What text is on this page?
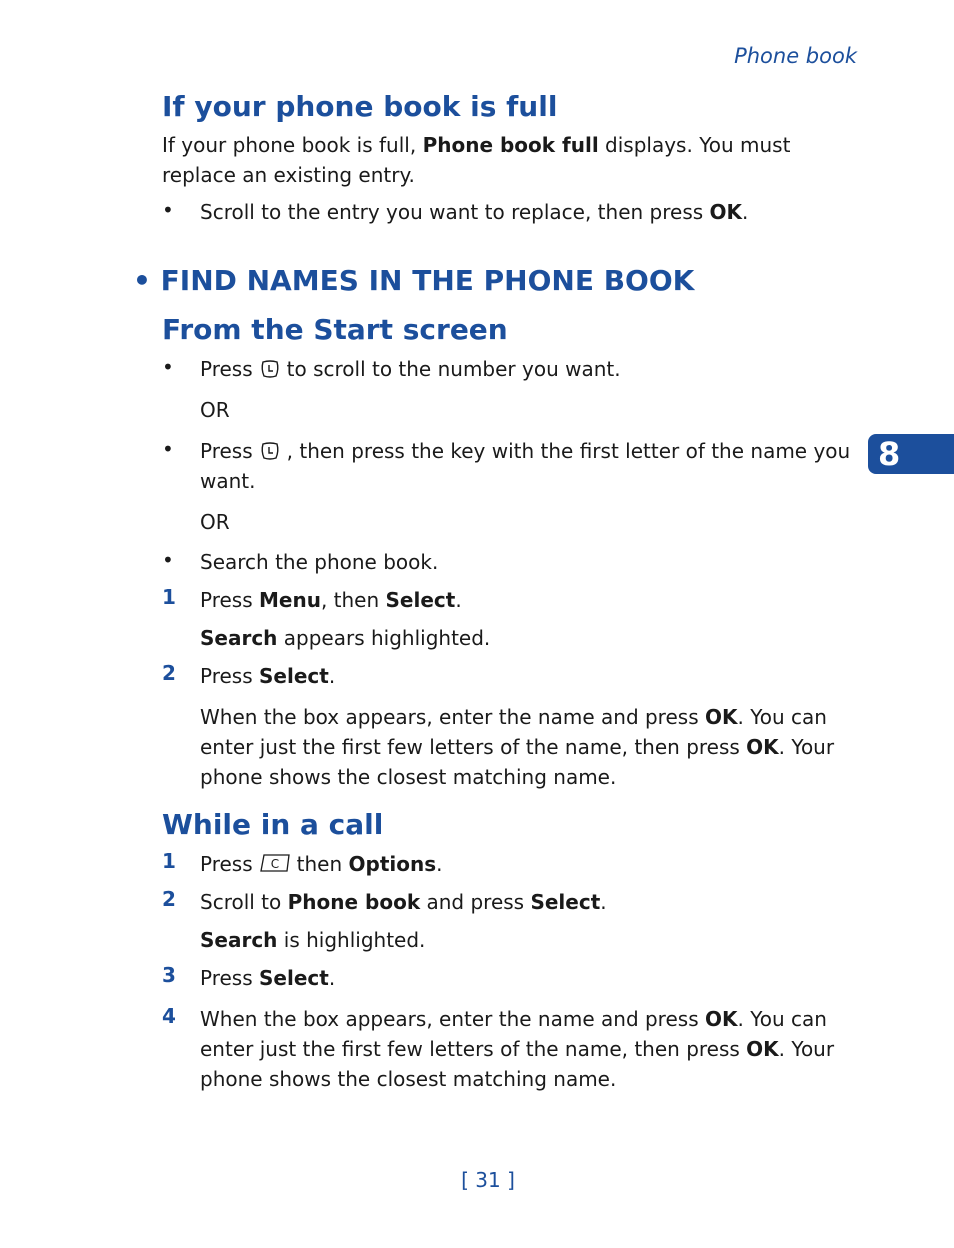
Phone book
If your phone book is full
If your phone book is full, Phone book full displays. You must replace an existing entry.
• Scroll to the entry you want to replace, then press OK.
• FIND NAMES IN THE PHONE BOOK
From the Start screen
• Press to scroll to the number you want.
OR
• Press , then press the key with the first letter of the name you want.
OR
• Search the phone book.
1 Press Menu, then Select.
Search appears highlighted.
2 Press Select.
When the box appears, enter the name and press OK. You can enter just the first few letters of the name, then press OK. Your phone shows the closest matching name.
While in a call
1 Press C then Options.
2 Scroll to Phone book and press Select.
Search is highlighted.
3 Press Select.
4 When the box appears, enter the name and press OK. You can enter just the first few letters of the name, then press OK. Your phone shows the closest matching name.
8
[ 31 ]
